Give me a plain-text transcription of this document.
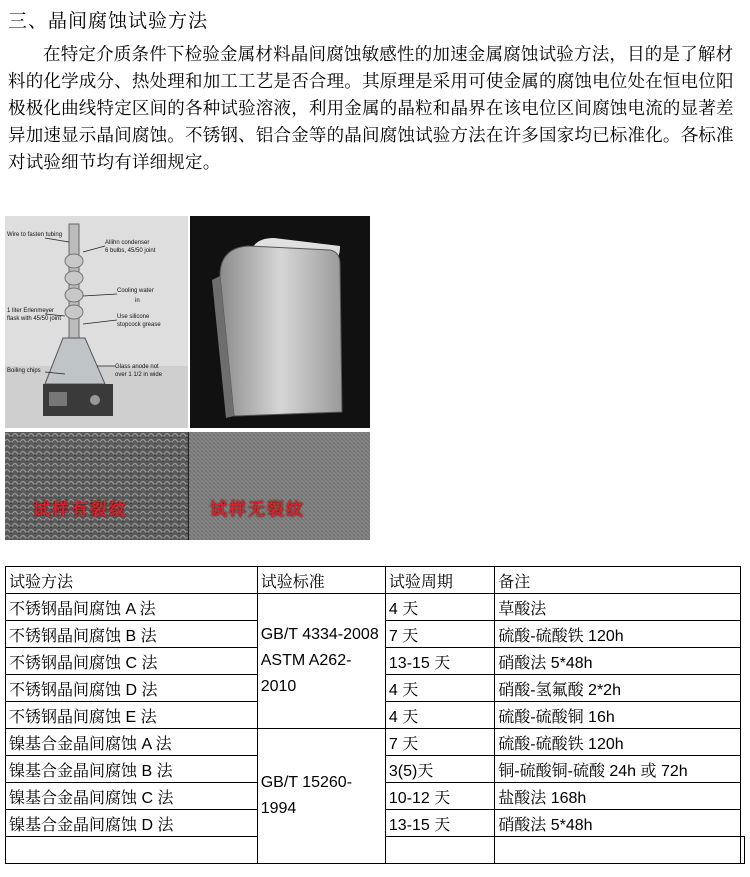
三、晶间腐蚀试验方法
在特定介质条件下检验金属材料晶间腐蚀敏感性的加速金属腐蚀试验方法，目的是了解材料的化学成分、热处理和加工工艺是否合理。其原理是采用可使金属的腐蚀电位处在恒电位阳极极化曲线特定区间的各种试验溶液，利用金属的晶粒和晶界在该电位区间腐蚀电流的显著差异加速显示晶间腐蚀。不锈钢、铝合金等的晶间腐蚀试验方法在许多国家均已标准化。各标准对试验细节均有详细规定。
Wire to fasten tubing
Allihn condenser
6 bulbs, 45/50 joint
Cooling water
in
1 liter Erlenmeyer
flask with 45/50 joint	Use silicone
stopcock grease
Boiling chips
Glass anode not
over 1 1/2 in wide
试样有裂纹	试样无裂纹
试验方法	试验标准	试验周期	备注	
不锈钢晶间腐蚀 A 法	GB/T 4334-2008 ASTM A262-2010	4 天	草酸法	
不锈钢晶间腐蚀 B 法		7 天	硫酸-硫酸铁 120h	
不锈钢晶间腐蚀 C 法		13-15 天	硝酸法 5*48h	
不锈钢晶间腐蚀 D 法		4 天	硝酸-氢氟酸 2*2h	
不锈钢晶间腐蚀 E 法		4 天	硫酸-硫酸铜 16h	
镍基合金晶间腐蚀 A 法	GB/T 15260-1994	7 天	硫酸-硫酸铁 120h	
镍基合金晶间腐蚀 B 法		3(5)天	铜-硫酸铜-硫酸 24h 或 72h	
镍基合金晶间腐蚀 C 法		10-12 天	盐酸法 168h	
镍基合金晶间腐蚀 D 法		13-15 天	硝酸法 5*48h	
